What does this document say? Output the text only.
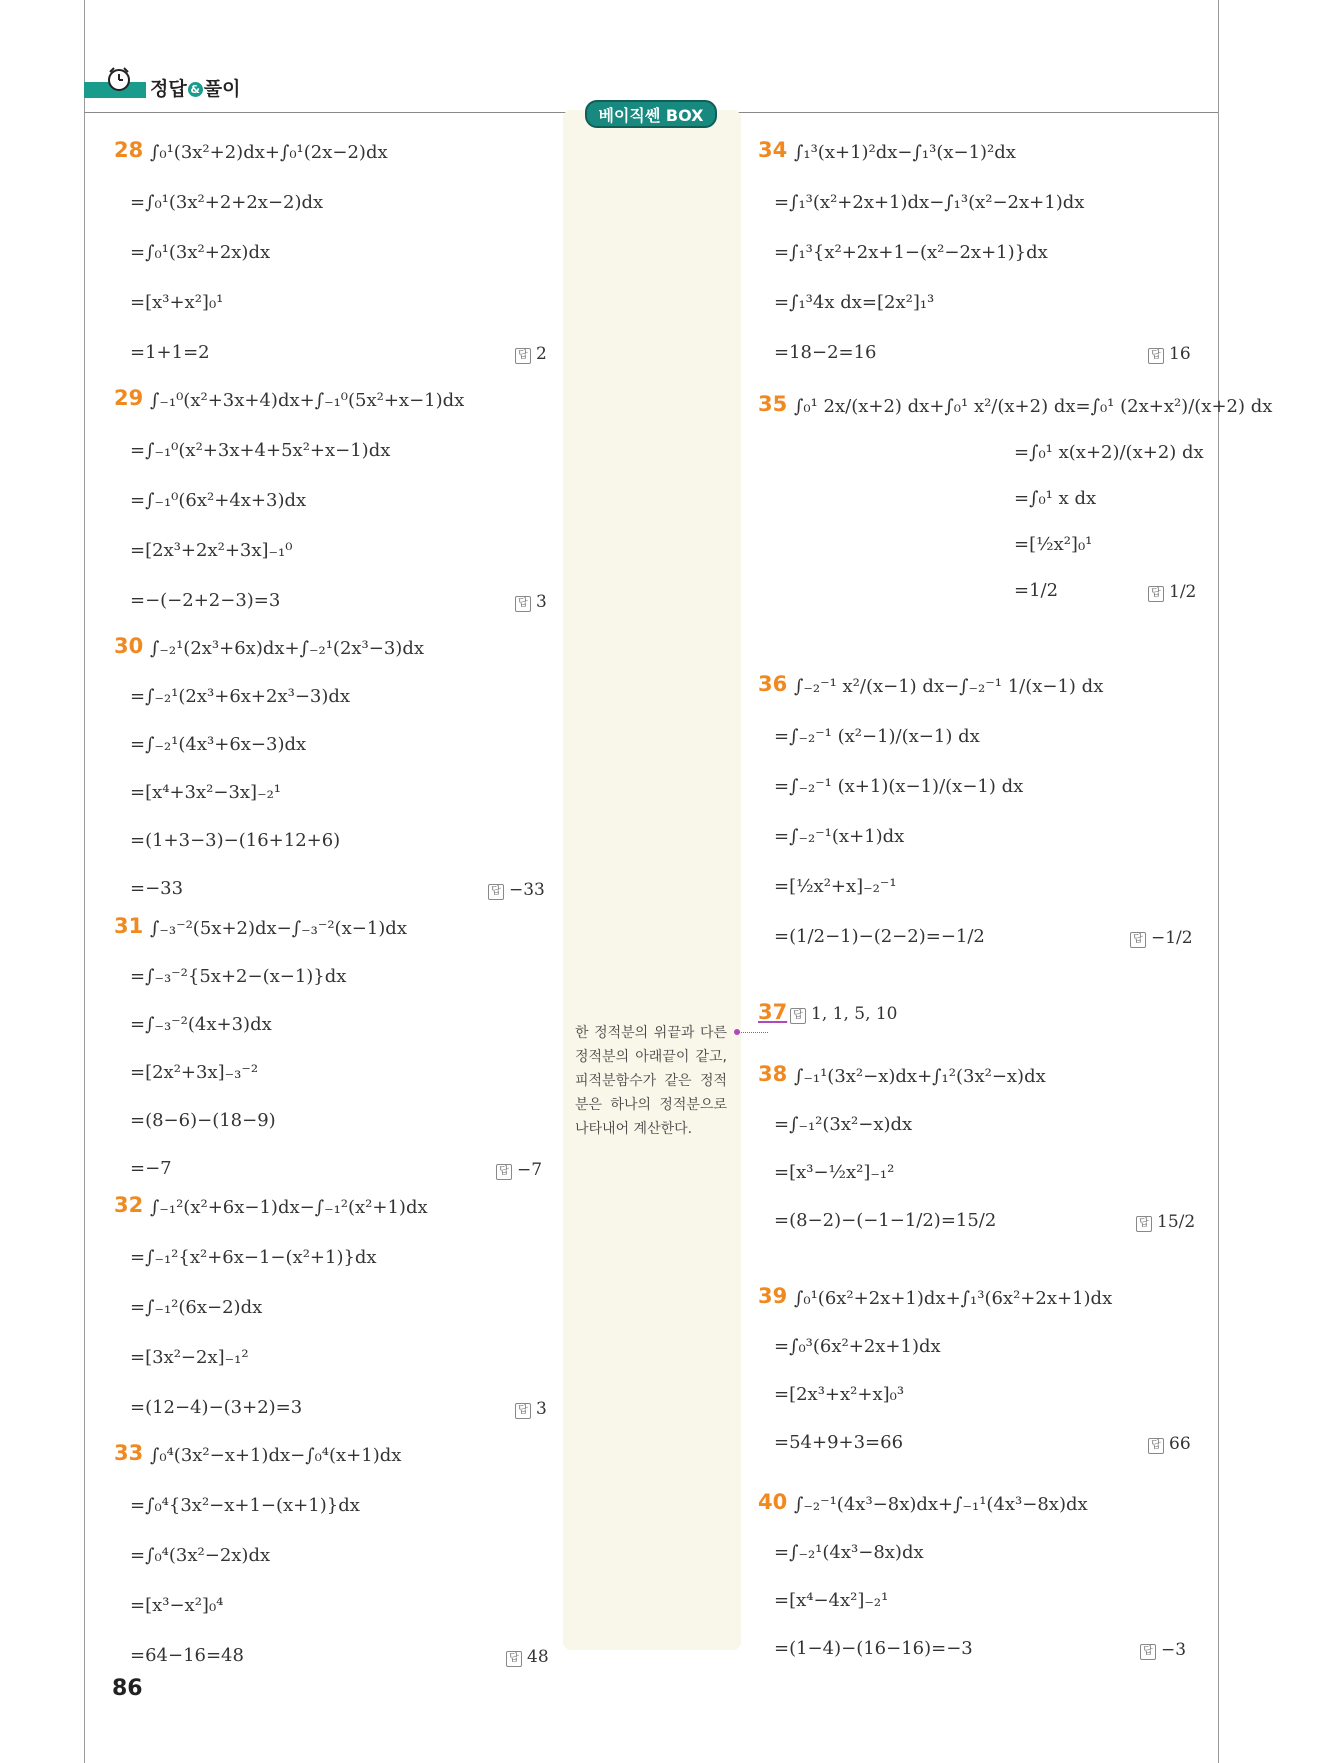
정답 & 풀이
베이직쎈 BOX
한 정적분의 위끝과 다른 정적분의 아래끝이 같고, 피적분함수가 같은 정적분은 하나의 정적분으로 나타내어 계산한다.
28 ∫₀¹(3x²+2)dx+∫₀¹(2x−2)dx
=∫₀¹(3x²+2+2x−2)dx
=∫₀¹(3x²+2x)dx
=[x³+x²]₀¹
=1+1=2	답 2
29 ∫₋₁⁰(x²+3x+4)dx+∫₋₁⁰(5x²+x−1)dx
=∫₋₁⁰(x²+3x+4+5x²+x−1)dx
=∫₋₁⁰(6x²+4x+3)dx
=[2x³+2x²+3x]₋₁⁰
=−(−2+2−3)=3	답 3
30 ∫₋₂¹(2x³+6x)dx+∫₋₂¹(2x³−3)dx
=∫₋₂¹(2x³+6x+2x³−3)dx
=∫₋₂¹(4x³+6x−3)dx
=[x⁴+3x²−3x]₋₂¹
=(1+3−3)−(16+12+6)
=−33	답 −33
31 ∫₋₃⁻²(5x+2)dx−∫₋₃⁻²(x−1)dx
=∫₋₃⁻²{5x+2−(x−1)}dx
=∫₋₃⁻²(4x+3)dx
=[2x²+3x]₋₃⁻²
=(8−6)−(18−9)
=−7	답 −7
32 ∫₋₁²(x²+6x−1)dx−∫₋₁²(x²+1)dx
=∫₋₁²{x²+6x−1−(x²+1)}dx
=∫₋₁²(6x−2)dx
=[3x²−2x]₋₁²
=(12−4)−(3+2)=3	답 3
33 ∫₀⁴(3x²−x+1)dx−∫₀⁴(x+1)dx
=∫₀⁴{3x²−x+1−(x+1)}dx
=∫₀⁴(3x²−2x)dx
=[x³−x²]₀⁴
=64−16=48	답 48
34 ∫₁³(x+1)²dx−∫₁³(x−1)²dx
=∫₁³(x²+2x+1)dx−∫₁³(x²−2x+1)dx
=∫₁³{x²+2x+1−(x²−2x+1)}dx
=∫₁³4x dx=[2x²]₁³
=18−2=16	답 16
35 ∫₀¹ 2x/(x+2) dx+∫₀¹ x²/(x+2) dx=∫₀¹ (2x+x²)/(x+2) dx
=∫₀¹ x(x+2)/(x+2) dx
=∫₀¹ x dx
=[½x²]₀¹
=1/2	답 1/2
36 ∫₋₂⁻¹ x²/(x−1) dx−∫₋₂⁻¹ 1/(x−1) dx
=∫₋₂⁻¹ (x²−1)/(x−1) dx
=∫₋₂⁻¹ (x+1)(x−1)/(x−1) dx
=∫₋₂⁻¹(x+1)dx
=[½x²+x]₋₂⁻¹
=(1/2−1)−(2−2)=−1/2	답 −1/2
37 답 1, 1, 5, 10
38 ∫₋₁¹(3x²−x)dx+∫₁²(3x²−x)dx
=∫₋₁²(3x²−x)dx
=[x³−½x²]₋₁²
=(8−2)−(−1−1/2)=15/2	답 15/2
39 ∫₀¹(6x²+2x+1)dx+∫₁³(6x²+2x+1)dx
=∫₀³(6x²+2x+1)dx
=[2x³+x²+x]₀³
=54+9+3=66	답 66
40 ∫₋₂⁻¹(4x³−8x)dx+∫₋₁¹(4x³−8x)dx
=∫₋₂¹(4x³−8x)dx
=[x⁴−4x²]₋₂¹
=(1−4)−(16−16)=−3	답 −3
86
